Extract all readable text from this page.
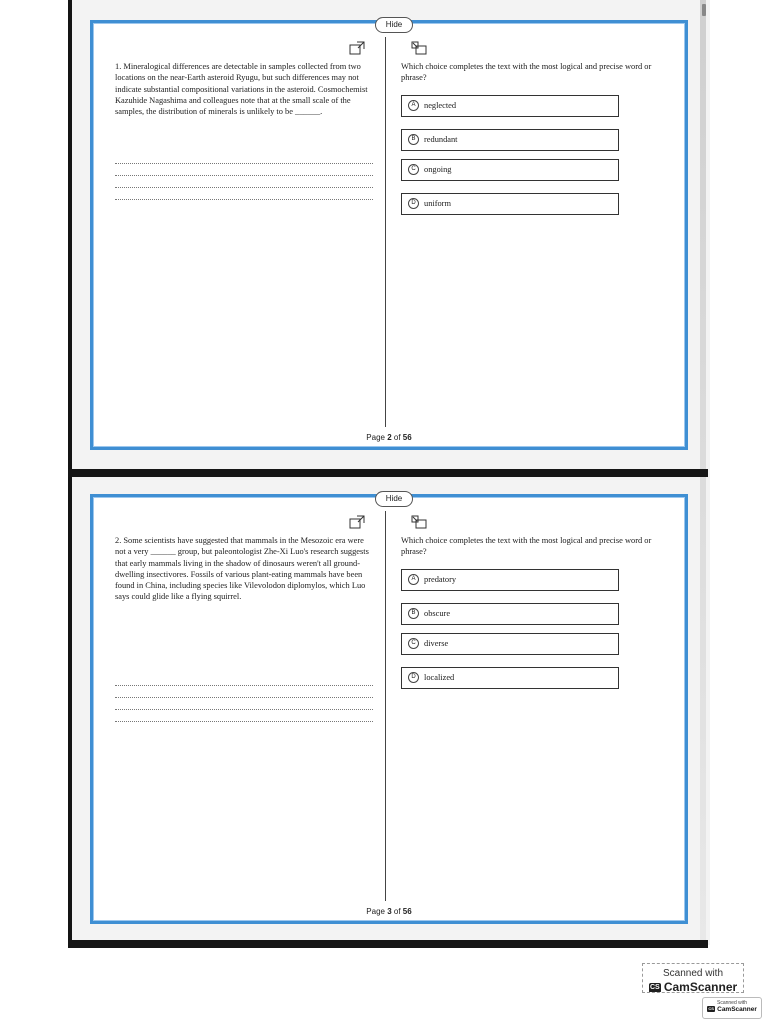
Hide
1. Mineralogical differences are detectable in samples collected from two locations on the near-Earth asteroid Ryugu, but such differences may not indicate substantial compositional variations in the asteroid. Cosmochemist Kazuhide Nagashima and colleagues note that at the small scale of the samples, the distribution of minerals is unlikely to be ______.
Which choice completes the text with the most logical and precise word or phrase?
A neglected
B redundant
C ongoing
D uniform
Page 2 of 56
Hide
2. Some scientists have suggested that mammals in the Mesozoic era were not a very ______ group, but paleontologist Zhe-Xi Luo's research suggests that early mammals living in the shadow of dinosaurs weren't all ground-dwelling insectivores. Fossils of various plant-eating mammals have been found in China, including species like Vilevolodon diplomylos, which Luo says could glide like a flying squirrel.
Which choice completes the text with the most logical and precise word or phrase?
A predatory
B obscure
C diverse
D localized
Page 3 of 56
Scanned with
CS CamScanner
Scanned with
CS CamScanner
